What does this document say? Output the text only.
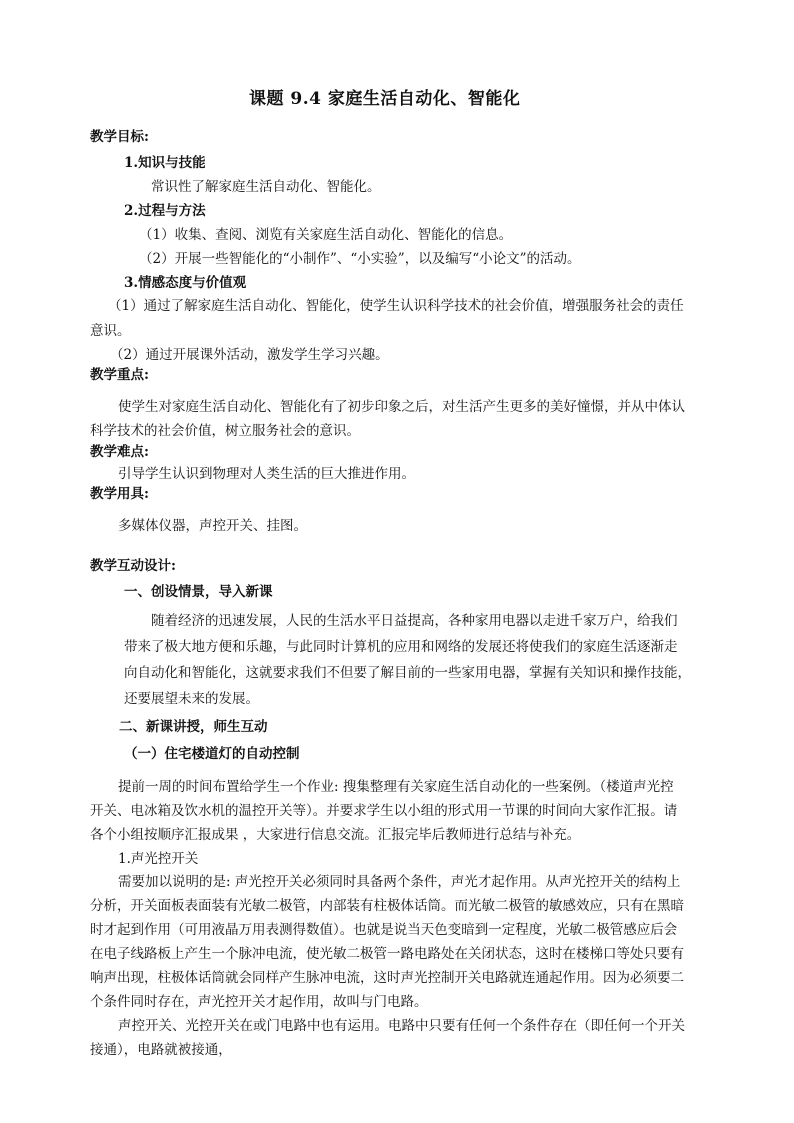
课题 9.4 家庭生活自动化、智能化
教学目标:
1.知识与技能
常识性了解家庭生活自动化、智能化。
2.过程与方法
（1）收集、查阅、浏览有关家庭生活自动化、智能化的信息。
（2）开展一些智能化的“小制作”、“小实验”，以及编写“小论文”的活动。
3.情感态度与价值观
（1）通过了解家庭生活自动化、智能化，使学生认识科学技术的社会价值，增强服务社会的责任
意识。
（2）通过开展课外活动，激发学生学习兴趣。
教学重点:
使学生对家庭生活自动化、智能化有了初步印象之后，对生活产生更多的美好憧憬，并从中体认
科学技术的社会价值，树立服务社会的意识。
教学难点:
引导学生认识到物理对人类生活的巨大推进作用。
教学用具:
多媒体仪器，声控开关、挂图。
教学互动设计:
一、创设情景，导入新课
随着经济的迅速发展，人民的生活水平日益提高，各种家用电器以走进千家万户，给我们
带来了极大地方便和乐趣，与此同时计算机的应用和网络的发展还将使我们的家庭生活逐渐走
向自动化和智能化，这就要求我们不但要了解目前的一些家用电器，掌握有关知识和操作技能，
还要展望未来的发展。
二、新课讲授，师生互动
（一）住宅楼道灯的自动控制
提前一周的时间布置给学生一个作业: 搜集整理有关家庭生活自动化的一些案例。（楼道声光控
开关、电冰箱及饮水机的温控开关等）。并要求学生以小组的形式用一节课的时间向大家作汇报。请
各个小组按顺序汇报成果 ，大家进行信息交流。汇报完毕后教师进行总结与补充。
1.声光控开关
需要加以说明的是: 声光控开关必须同时具备两个条件，声光才起作用。从声光控开关的结构上
分析，开关面板表面装有光敏二极管，内部装有柱极体话筒。而光敏二极管的敏感效应，只有在黑暗
时才起到作用（可用液晶万用表测得数值）。也就是说当天色变暗到一定程度，光敏二极管感应后会
在电子线路板上产生一个脉冲电流，使光敏二极管一路电路处在关闭状态，这时在楼梯口等处只要有
响声出现，柱极体话筒就会同样产生脉冲电流，这时声光控制开关电路就连通起作用。因为必须要二
个条件同时存在，声光控开关才起作用，故叫与门电路。
声控开关、光控开关在或门电路中也有运用。电路中只要有任何一个条件存在（即任何一个开关
接通），电路就被接通，
